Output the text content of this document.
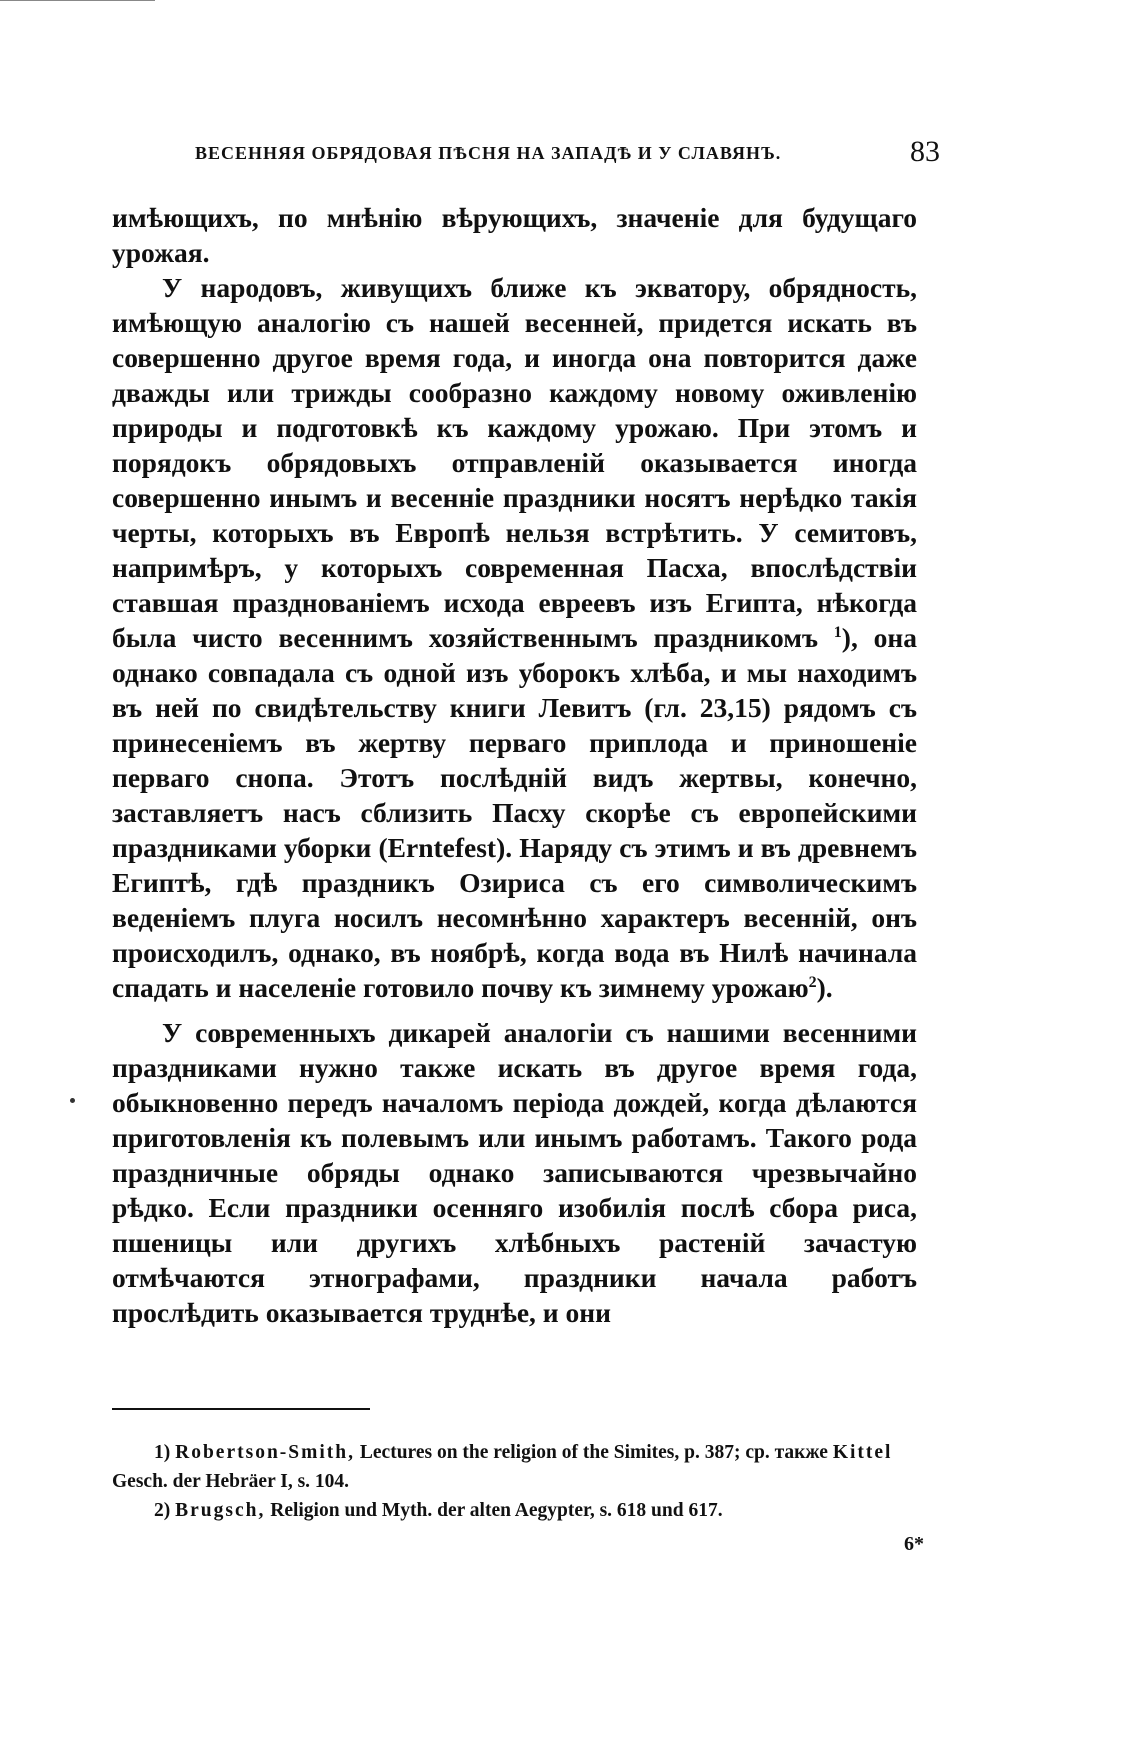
ВЕСЕННЯЯ ОБРЯДОВАЯ ПѢСНЯ НА ЗАПАДѢ И У СЛАВЯНЪ.	83

имѣющихъ, по мнѣнію вѣрующихъ, значеніе для будущаго урожая.

У народовъ, живущихъ ближе къ экватору, обрядность, имѣющую аналогію съ нашей весенней, придется искать въ совершенно другое время года, и иногда она повторится даже дважды или трижды сообразно каждому новому оживленію природы и подготовкѣ къ каждому урожаю. При этомъ и порядокъ обрядовыхъ отправленій оказывается иногда совершенно инымъ и весенніе праздники носятъ нерѣдко такія черты, которыхъ въ Европѣ нельзя встрѣтить. У семитовъ, напримѣръ, у которыхъ современная Пасха, впослѣдствіи ставшая празднованіемъ исхода евреевъ изъ Египта, нѣкогда была чисто весеннимъ хозяйственнымъ праздникомъ $^1$), она однако совпадала съ одной изъ уборокъ хлѣба, и мы находимъ въ ней по свидѣтельству книги Левитъ (гл. 23,15) рядомъ съ принесеніемъ въ жертву перваго приплода и приношеніе перваго снопа. Этотъ послѣдній видъ жертвы, конечно, заставляетъ насъ сблизить Пасху скорѣе съ европейскими праздниками уборки (Erntefest). Наряду съ этимъ и въ древнемъ Египтѣ, гдѣ праздникъ Озириса съ его символическимъ веденіемъ плуга носилъ несомнѣнно характеръ весенній, онъ происходилъ, однако, въ ноябрѣ, когда вода въ Нилѣ начинала спадать и населеніе готовило почву къ зимнему урожаю$^2$).

У современныхъ дикарей аналогіи съ нашими весенними праздниками нужно также искать въ другое время года, обыкновенно передъ началомъ періода дождей, когда дѣлаются приготовленія къ полевымъ или инымъ работамъ. Такого рода праздничные обряды однако записываются чрезвычайно рѣдко. Если праздники осенняго изобилія послѣ сбора риса, пшеницы или другихъ хлѣбныхъ растеній зачастую отмѣчаются этнографами, праздники начала работъ прослѣдить оказывается труднѣе, и они

1) Robertson-Smith, Lectures on the religion of the Simites, p. 387; ср. также Kittel Gesch. der Hebräer I, s. 104.

2) Brugsch, Religion und Myth. der alten Aegypter, s. 618 und 617.

6*
